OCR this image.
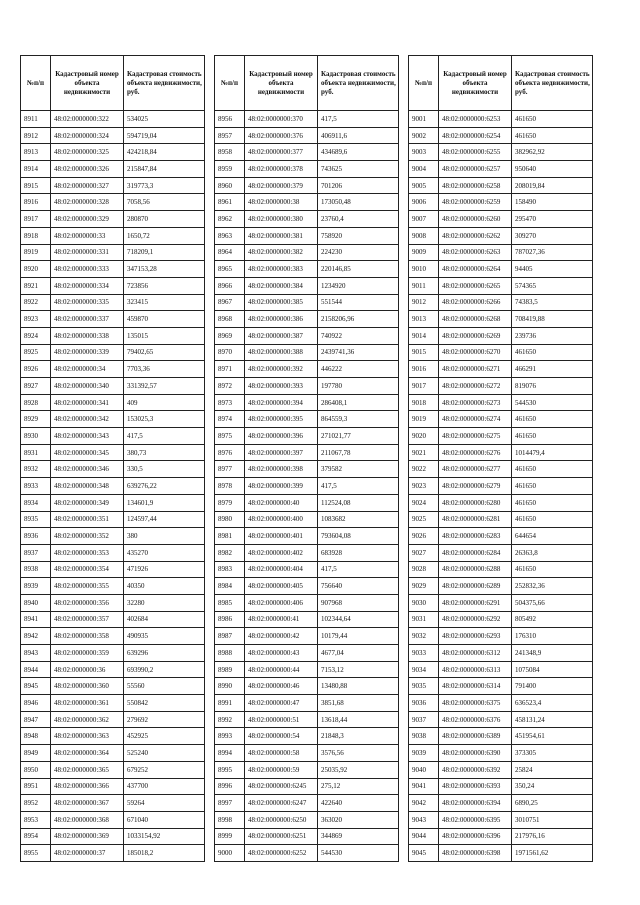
№п/п	Кадастровый номер объекта недвижимости	Кадастровая стоимость объекта недвижимости, руб.
8911	48:02:0000000:322	534025
8912	48:02:0000000:324	594719,04
8913	48:02:0000000:325	424218,84
8914	48:02:0000000:326	215847,84
8915	48:02:0000000:327	319773,3
8916	48:02:0000000:328	7058,56
8917	48:02:0000000:329	280870
8918	48:02:0000000:33	1650,72
8919	48:02:0000000:331	718209,1
8920	48:02:0000000:333	347153,28
8921	48:02:0000000:334	723856
8922	48:02:0000000:335	323415
8923	48:02:0000000:337	459870
8924	48:02:0000000:338	135015
8925	48:02:0000000:339	79402,65
8926	48:02:0000000:34	7703,36
8927	48:02:0000000:340	331392,57
8928	48:02:0000000:341	409
8929	48:02:0000000:342	153025,3
8930	48:02:0000000:343	417,5
8931	48:02:0000000:345	380,73
8932	48:02:0000000:346	330,5
8933	48:02:0000000:348	639276,22
8934	48:02:0000000:349	134601,9
8935	48:02:0000000:351	124597,44
8936	48:02:0000000:352	380
8937	48:02:0000000:353	435270
8938	48:02:0000000:354	471926
8939	48:02:0000000:355	40350
8940	48:02:0000000:356	32280
8941	48:02:0000000:357	402684
8942	48:02:0000000:358	490935
8943	48:02:0000000:359	639296
8944	48:02:0000000:36	693990,2
8945	48:02:0000000:360	55560
8946	48:02:0000000:361	550842
8947	48:02:0000000:362	279692
8948	48:02:0000000:363	452925
8949	48:02:0000000:364	525240
8950	48:02:0000000:365	679252
8951	48:02:0000000:366	437700
8952	48:02:0000000:367	59264
8953	48:02:0000000:368	671040
8954	48:02:0000000:369	1033154,92
8955	48:02:0000000:37	185018,2
№п/п	Кадастровый номер объекта недвижимости	Кадастровая стоимость объекта недвижимости, руб.
8956	48:02:0000000:370	417,5
8957	48:02:0000000:376	406911,6
8958	48:02:0000000:377	434689,6
8959	48:02:0000000:378	743625
8960	48:02:0000000:379	701206
8961	48:02:0000000:38	173050,48
8962	48:02:0000000:380	23760,4
8963	48:02:0000000:381	758920
8964	48:02:0000000:382	224230
8965	48:02:0000000:383	220146,85
8966	48:02:0000000:384	1234920
8967	48:02:0000000:385	551544
8968	48:02:0000000:386	2158206,96
8969	48:02:0000000:387	740922
8970	48:02:0000000:388	2439741,36
8971	48:02:0000000:392	446222
8972	48:02:0000000:393	197780
8973	48:02:0000000:394	286408,1
8974	48:02:0000000:395	864559,3
8975	48:02:0000000:396	271021,77
8976	48:02:0000000:397	211067,78
8977	48:02:0000000:398	379582
8978	48:02:0000000:399	417,5
8979	48:02:0000000:40	112524,08
8980	48:02:0000000:400	1083682
8981	48:02:0000000:401	793604,08
8982	48:02:0000000:402	683928
8983	48:02:0000000:404	417,5
8984	48:02:0000000:405	756640
8985	48:02:0000000:406	907968
8986	48:02:0000000:41	102344,64
8987	48:02:0000000:42	10179,44
8988	48:02:0000000:43	4677,04
8989	48:02:0000000:44	7153,12
8990	48:02:0000000:46	13480,88
8991	48:02:0000000:47	3851,68
8992	48:02:0000000:51	13618,44
8993	48:02:0000000:54	21848,3
8994	48:02:0000000:58	3576,56
8995	48:02:0000000:59	25035,92
8996	48:02:0000000:6245	275,12
8997	48:02:0000000:6247	422640
8998	48:02:0000000:6250	363020
8999	48:02:0000000:6251	344869
9000	48:02:0000000:6252	544530
№п/п	Кадастровый номер объекта недвижимости	Кадастровая стоимость объекта недвижимости, руб.
9001	48:02:0000000:6253	461650
9002	48:02:0000000:6254	461650
9003	48:02:0000000:6255	382962,92
9004	48:02:0000000:6257	950640
9005	48:02:0000000:6258	208019,84
9006	48:02:0000000:6259	158490
9007	48:02:0000000:6260	295470
9008	48:02:0000000:6262	309270
9009	48:02:0000000:6263	787027,36
9010	48:02:0000000:6264	94405
9011	48:02:0000000:6265	574365
9012	48:02:0000000:6266	74383,5
9013	48:02:0000000:6268	708419,88
9014	48:02:0000000:6269	239736
9015	48:02:0000000:6270	461650
9016	48:02:0000000:6271	466291
9017	48:02:0000000:6272	819076
9018	48:02:0000000:6273	544530
9019	48:02:0000000:6274	461650
9020	48:02:0000000:6275	461650
9021	48:02:0000000:6276	1014479,4
9022	48:02:0000000:6277	461650
9023	48:02:0000000:6279	461650
9024	48:02:0000000:6280	461650
9025	48:02:0000000:6281	461650
9026	48:02:0000000:6283	644654
9027	48:02:0000000:6284	26363,8
9028	48:02:0000000:6288	461650
9029	48:02:0000000:6289	252832,36
9030	48:02:0000000:6291	504375,66
9031	48:02:0000000:6292	805492
9032	48:02:0000000:6293	176310
9033	48:02:0000000:6312	241348,9
9034	48:02:0000000:6313	1075084
9035	48:02:0000000:6314	791400
9036	48:02:0000000:6375	636523,4
9037	48:02:0000000:6376	458131,24
9038	48:02:0000000:6389	451954,61
9039	48:02:0000000:6390	373305
9040	48:02:0000000:6392	25824
9041	48:02:0000000:6393	350,24
9042	48:02:0000000:6394	6890,25
9043	48:02:0000000:6395	3010751
9044	48:02:0000000:6396	217976,16
9045	48:02:0000000:6398	1971561,62
